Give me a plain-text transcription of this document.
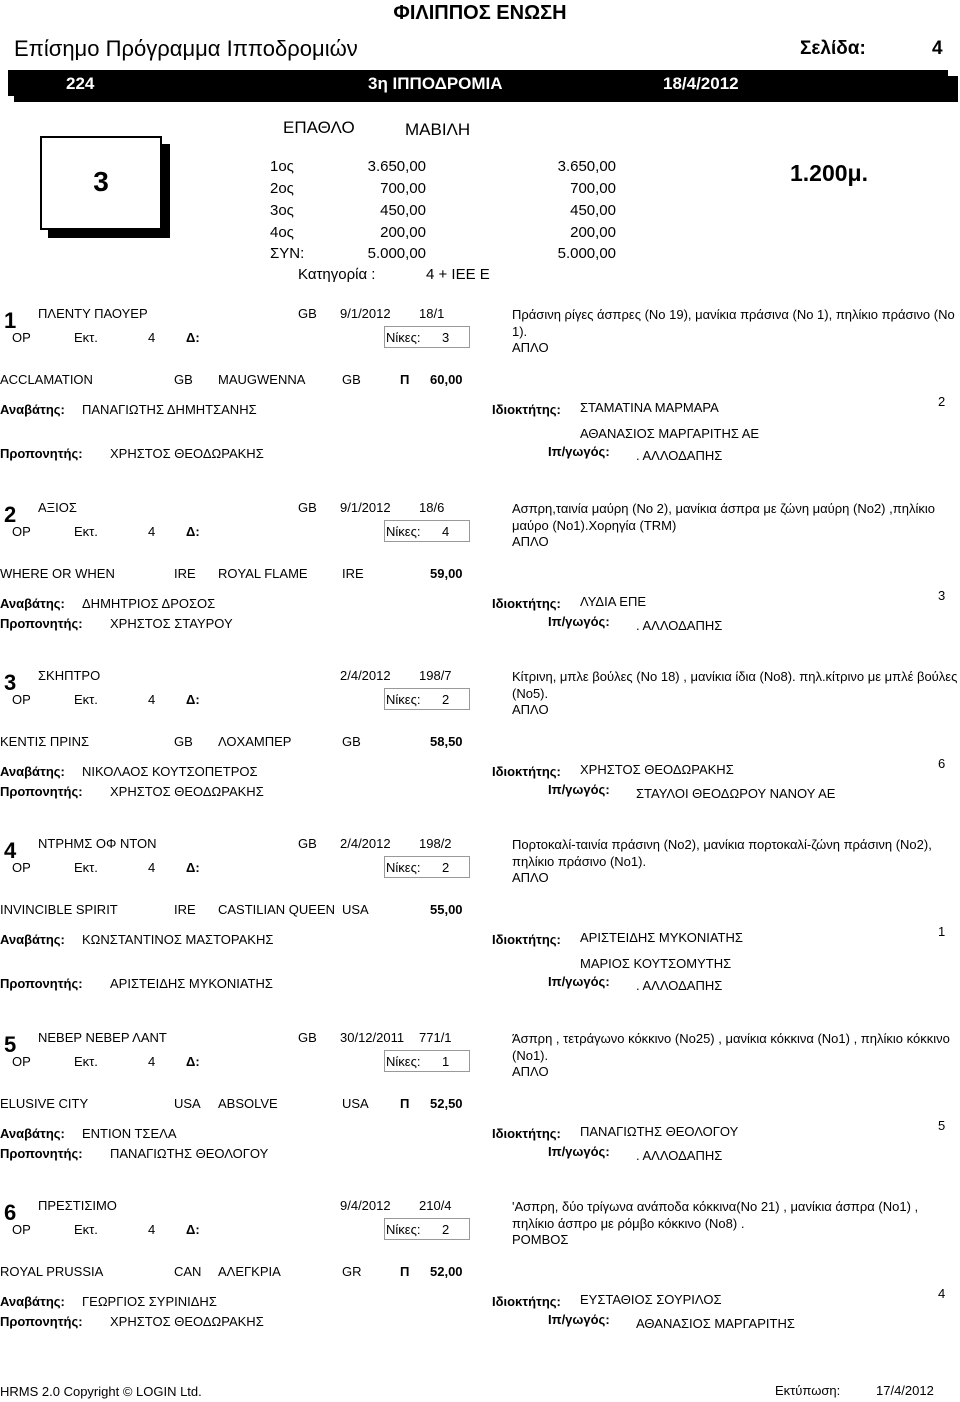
ΦΙΛΙΠΠΟΣ ΕΝΩΣΗ
Επίσημο Πρόγραμμα Ιπποδρομιών	Σελίδα:	4
224	3η ΙΠΠΟΔΡΟΜΙΑ	18/4/2012
ΕΠΑΘΛΟ	ΜΑΒΙΛΗ
3	1ος	3.650,00	3.650,00
2ος	700,00	700,00
3ος	450,00	450,00
4ος	200,00	200,00
ΣΥΝ:	5.000,00	5.000,00
Κατηγορία :	4 + IEE E
1.200μ.
1 ΠΛΕΝΤΥ ΠΑΟΥΕΡ	GB 9/1/2012 18/1
ΟΡ	Εκτ.	4 Δ:	Νίκες: 3
Πράσινη ρίγες άσπρες (Νο 19), μανίκια πράσινα (Νο 1), πηλίκιο πράσινο (Νο 1).
ΑΠΛΟ
ACCLAMATION	GB MAUGWENNA	GB	Π 60,00
Αναβάτης: ΠΑΝΑΓΙΩΤΗΣ ΔΗΜΗΤΣΑΝΗΣ	Ιδιοκτήτης: ΣΤΑΜΑΤΙΝΑ ΜΑΡΜΑΡΑ
ΑΘΑΝΑΣΙΟΣ ΜΑΡΓΑΡΙΤΗΣ ΑΕ
2
Προπονητής: ΧΡΗΣΤΟΣ ΘΕΟΔΩΡΑΚΗΣ	Ιπ/γωγός: . ΑΛΛΟΔΑΠΗΣ
2 ΑΞΙΟΣ	GB 9/1/2012 18/6
ΟΡ	Εκτ.	4 Δ:	Νίκες: 4
Ασπρη,ταινία μαύρη (Νο 2), μανίκια άσπρα με ζώνη μαύρη (Νο2) ,πηλίκιο μαύρο (Νο1).Χορηγία (TRM)
ΑΠΛΟ
WHERE OR WHEN	IRE ROYAL FLAME	IRE	59,00
Αναβάτης: ΔΗΜΗΤΡΙΟΣ ΔΡΟΣΟΣ	Ιδιοκτήτης: ΛΥΔΙΑ ΕΠΕ	3
Προπονητής: ΧΡΗΣΤΟΣ ΣΤΑΥΡΟΥ	Ιπ/γωγός: . ΑΛΛΟΔΑΠΗΣ
3 ΣΚΗΠΤΡΟ	2/4/2012 198/7
ΟΡ	Εκτ.	4 Δ:	Νίκες: 2
Κίτρινη, μπλε βούλες (Νο 18) , μανίκια ίδια (Νο8). πηλ.κίτρινο με μπλέ βούλες (Νο5).
ΑΠΛΟ
ΚΕΝΤΙΣ ΠΡΙΝΣ	GB ΛΟΧΑΜΠΕΡ	GB	58,50
Αναβάτης: ΝΙΚΟΛΑΟΣ ΚΟΥΤΣΟΠΕΤΡΟΣ	Ιδιοκτήτης: ΧΡΗΣΤΟΣ ΘΕΟΔΩΡΑΚΗΣ	6
Προπονητής: ΧΡΗΣΤΟΣ ΘΕΟΔΩΡΑΚΗΣ	Ιπ/γωγός: ΣΤΑΥΛΟΙ ΘΕΟΔΩΡΟΥ ΝΑΝΟΥ ΑΕ
4 ΝΤΡΗΜΣ ΟΦ ΝΤΟΝ	GB 2/4/2012 198/2
ΟΡ	Εκτ.	4 Δ:	Νίκες: 2
Πορτοκαλί-ταινία πράσινη (Νο2), μανίκια πορτοκαλί-ζώνη πράσινη (Νο2), πηλίκιο πράσινο (Νο1).
ΑΠΛΟ
INVINCIBLE SPIRIT	IRE CASTILIAN QUEEN USA	55,00
Αναβάτης: ΚΩΝΣΤΑΝΤΙΝΟΣ ΜΑΣΤΟΡΑΚΗΣ	Ιδιοκτήτης: ΑΡΙΣΤΕΙΔΗΣ ΜΥΚΟΝΙΑΤΗΣ
ΜΑΡΙΟΣ ΚΟΥΤΣΟΜΥΤΗΣ
1
Προπονητής: ΑΡΙΣΤΕΙΔΗΣ ΜΥΚΟΝΙΑΤΗΣ	Ιπ/γωγός: . ΑΛΛΟΔΑΠΗΣ
5 ΝΕΒΕΡ ΝΕΒΕΡ ΛΑΝΤ	GB 30/12/2011 771/1
ΟΡ	Εκτ.	4 Δ:	Νίκες: 1
Άσπρη , τετράγωνο κόκκινο (Νο25) , μανίκια κόκκινα (Νο1) , πηλίκιο κόκκινο (Νο1).
ΑΠΛΟ
ELUSIVE CITY	USA ABSOLVE	USA Π 52,50
Αναβάτης: ΕΝΤΙΟΝ ΤΣΕΛΑ	Ιδιοκτήτης: ΠΑΝΑΓΙΩΤΗΣ ΘΕΟΛΟΓΟΥ	5
Προπονητής: ΠΑΝΑΓΙΩΤΗΣ ΘΕΟΛΟΓΟΥ	Ιπ/γωγός: . ΑΛΛΟΔΑΠΗΣ
6 ΠΡΕΣΤΙΣΙΜΟ	9/4/2012 210/4
ΟΡ	Εκτ.	4 Δ:	Νίκες: 2
'Ασπρη, δύο τρίγωνα ανάποδα κόκκινα(Νο 21) , μανίκια άσπρα (Νο1) , πηλίκιο άσπρο με ρόμβο κόκκινο (Νο8) .
ΡΟΜΒΟΣ
ROYAL PRUSSIA	CAN ΑΛΕΓΚΡΙΑ	GR	Π 52,00
Αναβάτης: ΓΕΩΡΓΙΟΣ ΣΥΡΙΝΙΔΗΣ	Ιδιοκτήτης: ΕΥΣΤΑΘΙΟΣ ΣΟΥΡΙΛΟΣ	4
Προπονητής: ΧΡΗΣΤΟΣ ΘΕΟΔΩΡΑΚΗΣ	Ιπ/γωγός: ΑΘΑΝΑΣΙΟΣ ΜΑΡΓΑΡΙΤΗΣ
HRMS 2.0 Copyright © LOGIN Ltd.	Εκτύπωση:	17/4/2012
